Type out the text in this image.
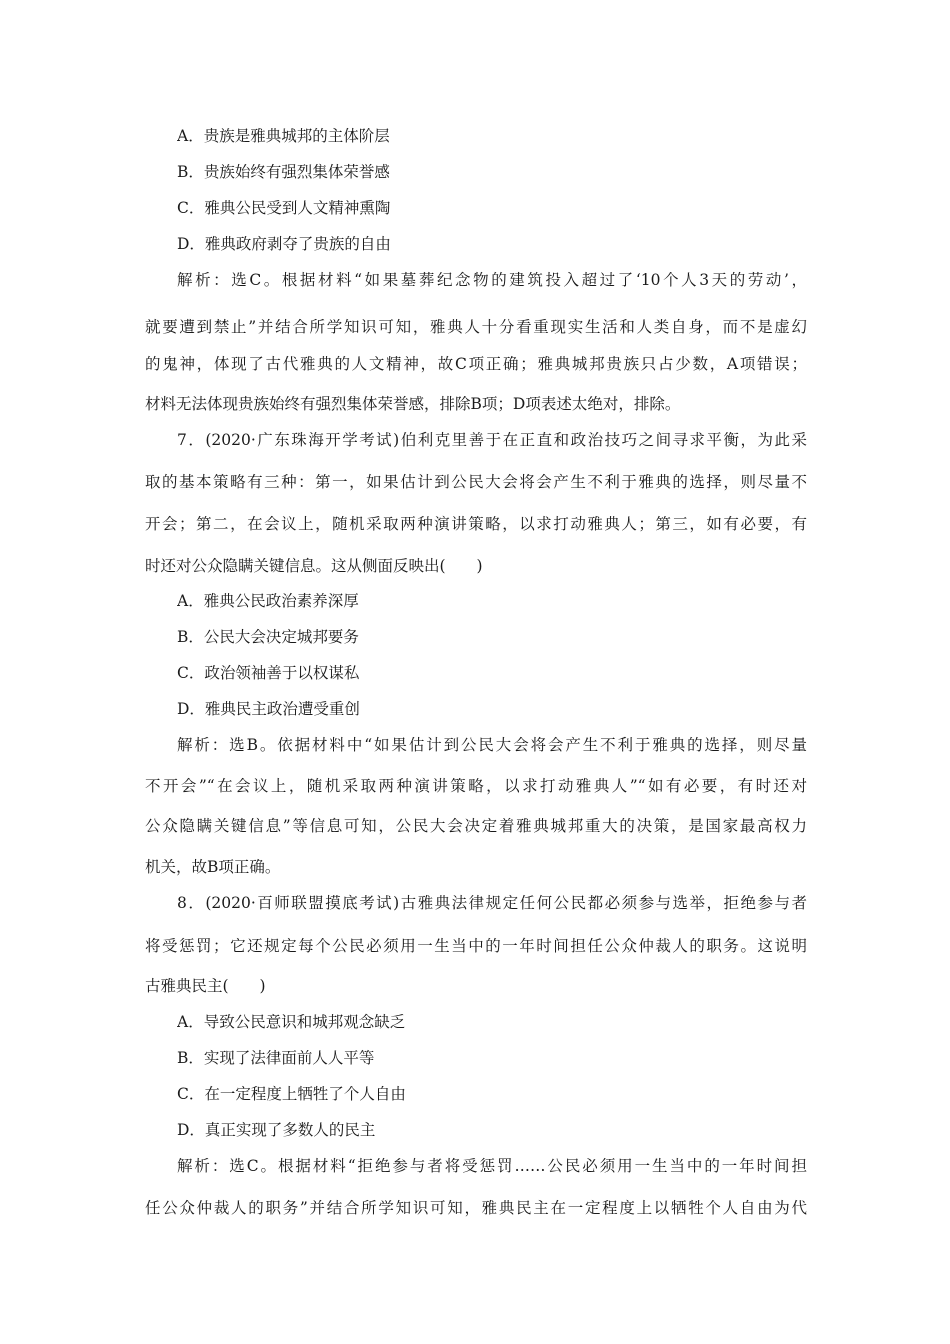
A．贵族是雅典城邦的主体阶层
B．贵族始终有强烈集体荣誉感
C．雅典公民受到人文精神熏陶
D．雅典政府剥夺了贵族的自由
解析：选C。根据材料“如果墓葬纪念物的建筑投入超过了‘10个人3天的劳动’，
就要遭到禁止”并结合所学知识可知，雅典人十分看重现实生活和人类自身，而不是虚幻
的鬼神，体现了古代雅典的人文精神，故C项正确；雅典城邦贵族只占少数，A项错误；
材料无法体现贵族始终有强烈集体荣誉感，排除B项；D项表述太绝对，排除。
7．(2020·广东珠海开学考试)伯利克里善于在正直和政治技巧之间寻求平衡，为此采
取的基本策略有三种：第一，如果估计到公民大会将会产生不利于雅典的选择，则尽量不
开会；第二，在会议上，随机采取两种演讲策略，以求打动雅典人；第三，如有必要，有
时还对公众隐瞒关键信息。这从侧面反映出(　　)
A．雅典公民政治素养深厚
B．公民大会决定城邦要务
C．政治领袖善于以权谋私
D．雅典民主政治遭受重创
解析：选B。依据材料中“如果估计到公民大会将会产生不利于雅典的选择，则尽量
不开会”“在会议上，随机采取两种演讲策略，以求打动雅典人”“如有必要，有时还对
公众隐瞒关键信息”等信息可知，公民大会决定着雅典城邦重大的决策，是国家最高权力
机关，故B项正确。
8．(2020·百师联盟摸底考试)古雅典法律规定任何公民都必须参与选举，拒绝参与者
将受惩罚；它还规定每个公民必须用一生当中的一年时间担任公众仲裁人的职务。这说明
古雅典民主(　　)
A．导致公民意识和城邦观念缺乏
B．实现了法律面前人人平等
C．在一定程度上牺牲了个人自由
D．真正实现了多数人的民主
解析：选C。根据材料“拒绝参与者将受惩罚……公民必须用一生当中的一年时间担
任公众仲裁人的职务”并结合所学知识可知，雅典民主在一定程度上以牺牲个人自由为代
